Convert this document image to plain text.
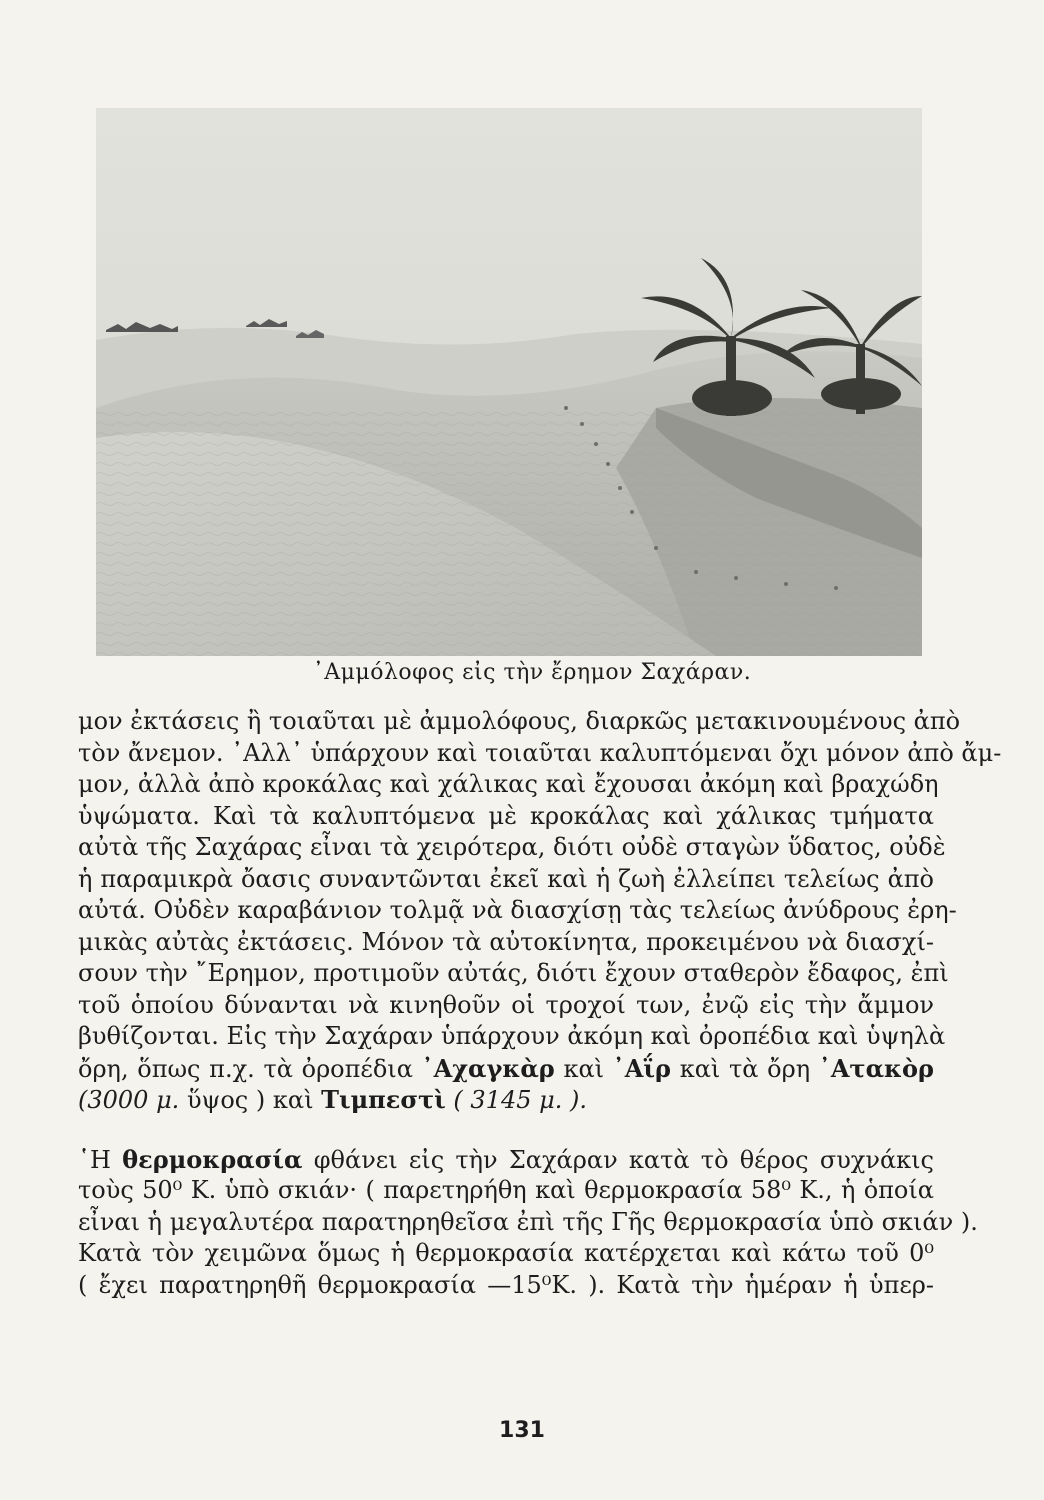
᾽Αμμόλοφος εἰς τὴν ἔρημον Σαχάραν.
μον ἐκτάσεις ἢ τοιαῦται μὲ ἀμμολόφους, διαρκῶς μετακινουμένους ἀπὸ
τὸν ἄνεμον. ᾽Αλλ᾽ ὑπάρχουν καὶ τοιαῦται καλυπτόμεναι ὄχι μόνον ἀπὸ ἄμ-
μον, ἀλλὰ ἀπὸ κροκάλας καὶ χάλικας καὶ ἔχουσαι ἀκόμη καὶ βραχώδη
ὑψώματα. Καὶ τὰ καλυπτόμενα μὲ κροκάλας καὶ χάλικας τμήματα
αὐτὰ τῆς Σαχάρας εἶναι τὰ χειρότερα, διότι οὐδὲ σταγὼν ὕδατος, οὐδὲ
ἡ παραμικρὰ ὄασις συναντῶνται ἐκεῖ καὶ ἡ ζωὴ ἐλλείπει τελείως ἀπὸ
αὐτά. Οὐδὲν καραβάνιον τολμᾷ νὰ διασχίσῃ τὰς τελείως ἀνύδρους ἐρη-
μικὰς αὐτὰς ἐκτάσεις. Μόνον τὰ αὐτοκίνητα, προκειμένου νὰ διασχί-
σουν τὴν ῎Ερημον, προτιμοῦν αὐτάς, διότι ἔχουν σταθερὸν ἔδαφος, ἐπὶ
τοῦ ὁποίου δύνανται νὰ κινηθοῦν οἱ τροχοί των, ἐνῷ εἰς τὴν ἄμμον
βυθίζονται. Εἰς τὴν Σαχάραν ὑπάρχουν ἀκόμη καὶ ὀροπέδια καὶ ὑψηλὰ
ὄρη, ὅπως π.χ. τὰ ὀροπέδια ᾽Αχαγκὰρ καὶ ᾽Αΐρ καὶ τὰ ὄρη ᾽Ατακὸρ
(3000 μ. ὕψος ) καὶ Τιμπεστὶ ( 3145 μ. ).
῾Η θερμοκρασία φθάνει εἰς τὴν Σαχάραν κατὰ τὸ θέρος συχνάκις
τοὺς 50⁰ Κ. ὑπὸ σκιάν· ( παρετηρήθη καὶ θερμοκρασία 58⁰ Κ., ἡ ὁποία
εἶναι ἡ μεγαλυτέρα παρατηρηθεῖσα ἐπὶ τῆς Γῆς θερμοκρασία ὑπὸ σκιάν ).
Κατὰ τὸν χειμῶνα ὅμως ἡ θερμοκρασία κατέρχεται καὶ κάτω τοῦ 0⁰
( ἔχει παρατηρηθῆ θερμοκρασία —15⁰Κ. ). Κατὰ τὴν ἡμέραν ἡ ὑπερ-
131
